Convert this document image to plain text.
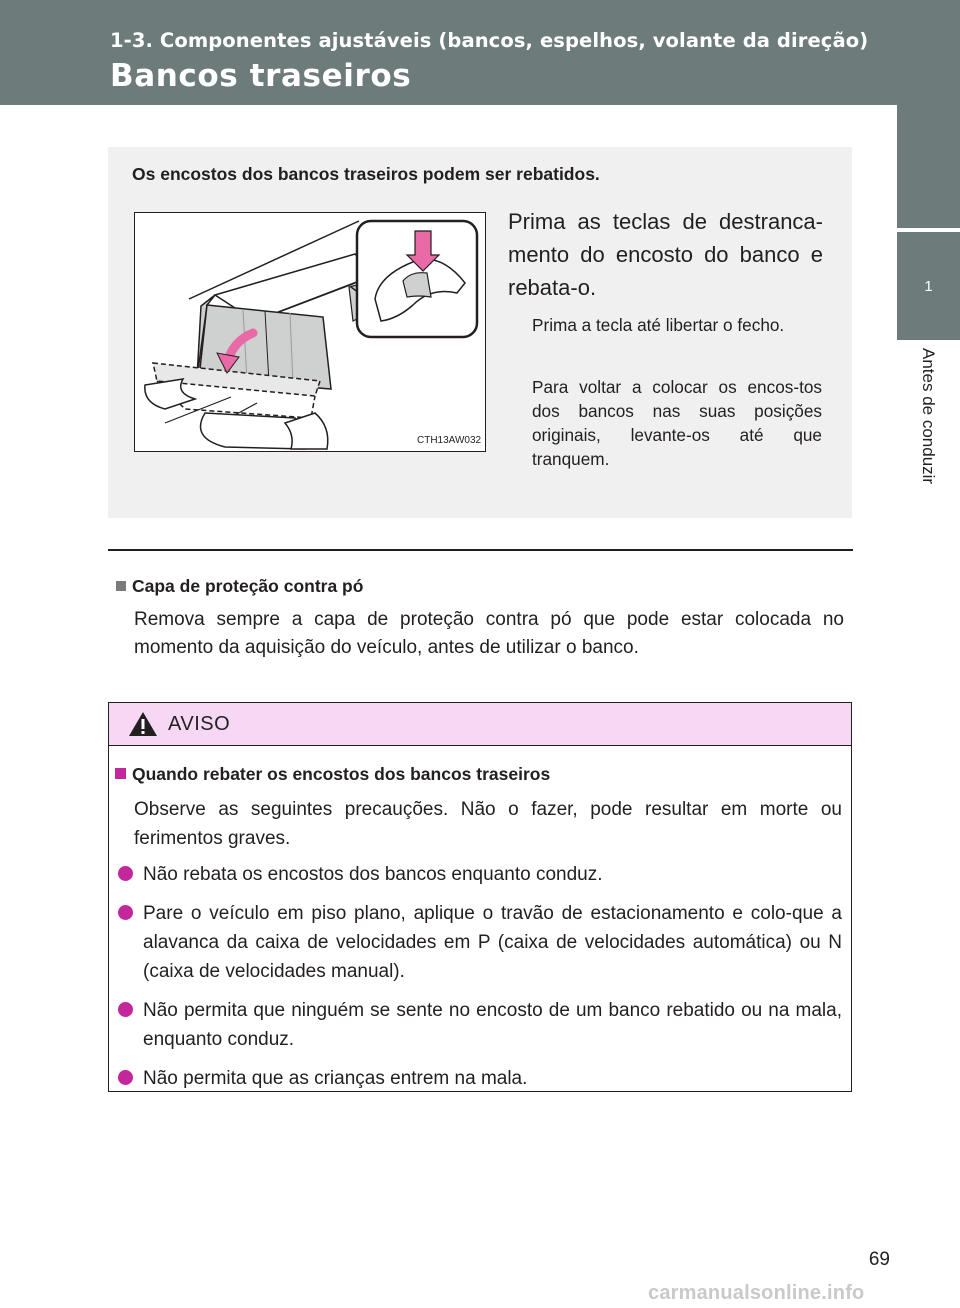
1-3. Componentes ajustáveis (bancos, espelhos, volante da direção)
Bancos traseiros
1
Antes de conduzir
Os encostos dos bancos traseiros podem ser rebatidos.
CTH13AW032
Prima as teclas de destranca-mento do encosto do banco e rebata-o.
Prima a tecla até libertar o fecho.
Para voltar a colocar os encos-tos dos bancos nas suas posições originais, levante-os até que tranquem.
Capa de proteção contra pó
Remova sempre a capa de proteção contra pó que pode estar colocada no momento da aquisição do veículo, antes de utilizar o banco.
AVISO
Quando rebater os encostos dos bancos traseiros
Observe as seguintes precauções. Não o fazer, pode resultar em morte ou ferimentos graves.
Não rebata os encostos dos bancos enquanto conduz.
Pare o veículo em piso plano, aplique o travão de estacionamento e colo-que a alavanca da caixa de velocidades em P (caixa de velocidades automática) ou N (caixa de velocidades manual).
Não permita que ninguém se sente no encosto de um banco rebatido ou na mala, enquanto conduz.
Não permita que as crianças entrem na mala.
69
carmanualsonline.info
